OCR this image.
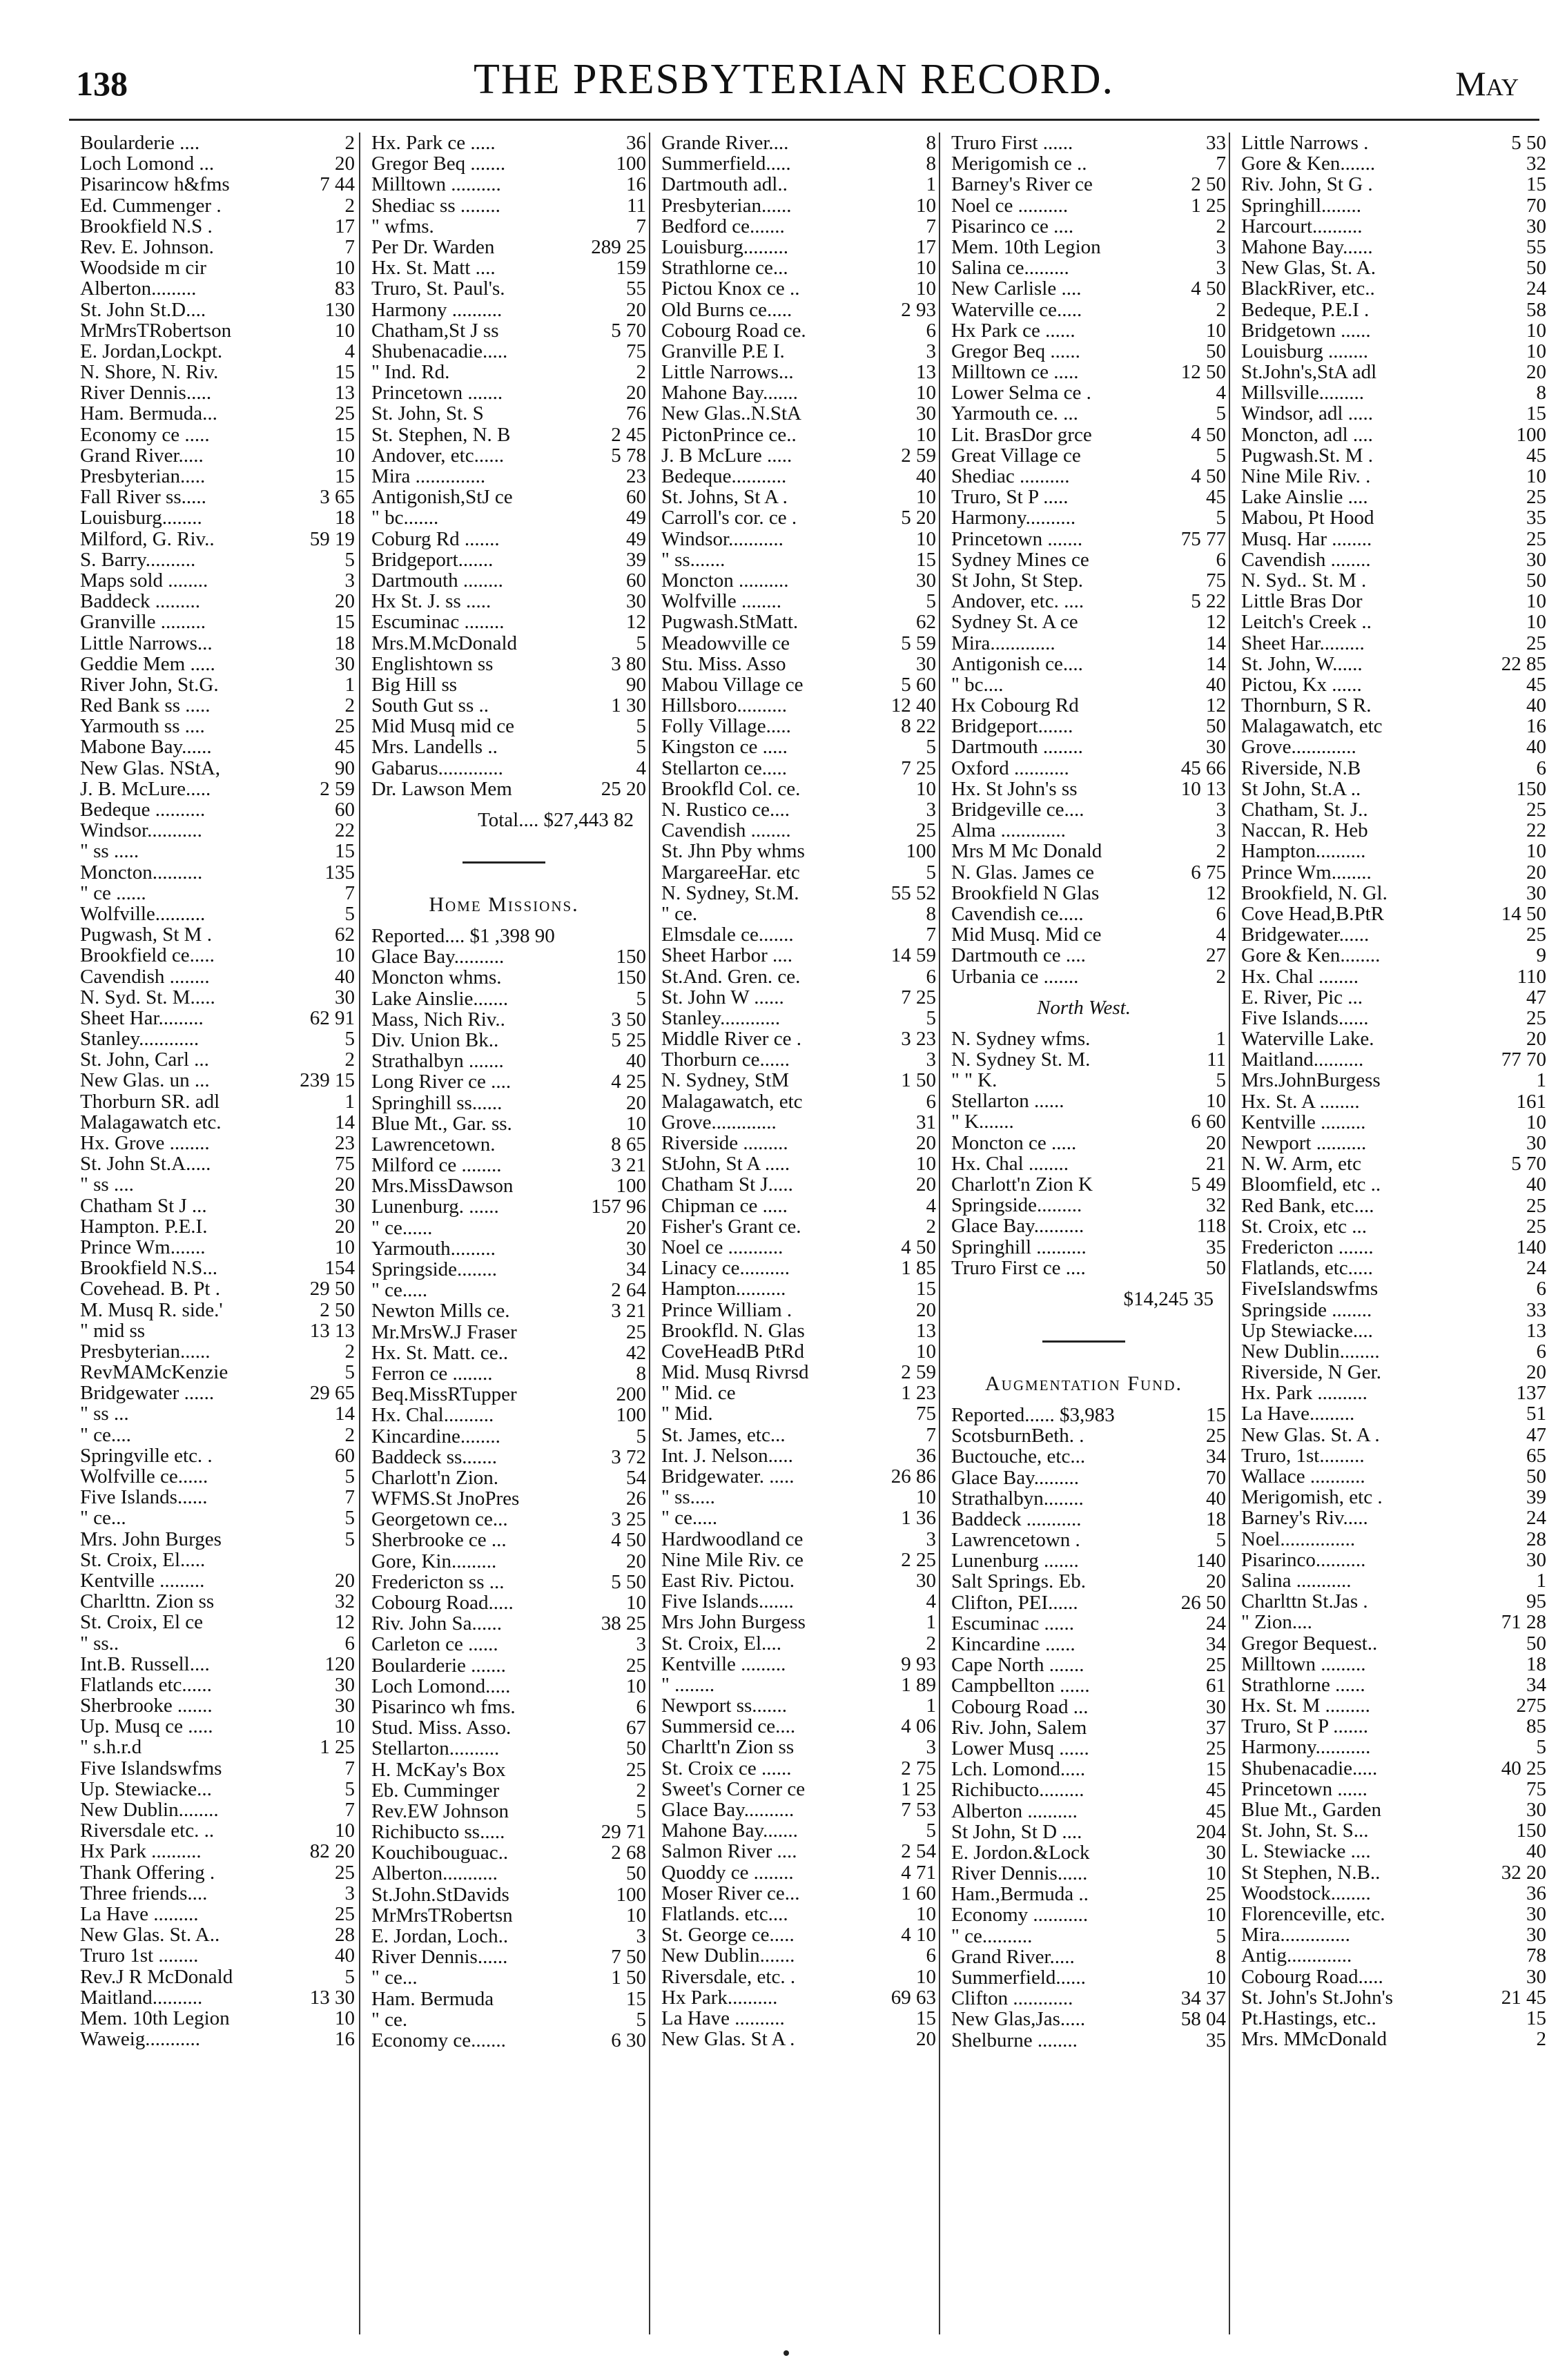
138	THE PRESBYTERIAN RECORD.	May
Boularderie ....	2
Loch Lomond ...	20
Pisarincow h&fms	7 44
Ed. Cummenger .	2
Brookfield N.S .	17
Rev. E. Johnson.	7
Woodside m cir	10
Alberton.........	83
St. John St.D....	130
MrMrsTRobertson	10
E. Jordan,Lockpt.	4
N. Shore, N. Riv.	15
River Dennis.....	13
Ham. Bermuda...	25
Economy ce .....	15
Grand River.....	10
Presbyterian.....	15
Fall River ss.....	3 65
Louisburg........	18
Milford, G. Riv..	59 19
S. Barry..........	5
Maps sold ........	3
Baddeck .........	20
Granville .........	15
Little Narrows...	18
Geddie Mem .....	30
River John, St.G.	1
Red Bank ss .....	2
Yarmouth ss ....	25
Mabone Bay......	45
New Glas. NStA,	90
J. B. McLure.....	2 59
Bedeque ..........	60
Windsor...........	22
" ss .....	15
Moncton..........	135
" ce ......	7
Wolfville..........	5
Pugwash, St M .	62
Brookfield ce.....	10
Cavendish ........	40
N. Syd. St. M.....	30
Sheet Har.........	62 91
Stanley............	5
St. John, Carl ...	2
New Glas. un ...	239 15
Thorburn SR. adl	1
Malagawatch etc.	14
Hx. Grove ........	23
St. John St.A.....	75
" ss ....	20
Chatham St J ...	30
Hampton. P.E.I.	20
Prince Wm.......	10
Brookfield N.S...	154
Covehead. B. Pt .	29 50
M. Musq R. side.'	2 50
" mid ss	13 13
Presbyterian......	2
RevMAMcKenzie	5
Bridgewater ......	29 65
" ss ...	14
" ce....	2
Springville etc. .	60
Wolfville ce......	5
Five Islands......	7
" ce...	5
Mrs. John Burges	5
St. Croix, El.....
Kentville .........	20
Charlttn. Zion ss	32
St. Croix, El ce	12
" ss..	6
Int.B. Russell....	120
Flatlands etc......	30
Sherbrooke .......	30
Up. Musq ce .....	10
" s.h.r.d	1 25
Five Islandswfms	7
Up. Stewiacke...	5
New Dublin........	7
Riversdale etc. ..	10
Hx Park ..........	82 20
Thank Offering .	25
Three friends....	3
La Have .........	25
New Glas. St. A..	28
Truro 1st ........	40
Rev.J R McDonald	5
Maitland..........	13 30
Mem. 10th Legion	10
Waweig...........	16
Hx. Park ce .....	36
Gregor Beq .......	100
Milltown ..........	16
Shediac ss ........	11
" wfms.	7
Per Dr. Warden	289 25
Hx. St. Matt ....	159
Truro, St. Paul's.	55
Harmony ..........	20
Chatham,St J ss	5 70
Shubenacadie.....	75
" Ind. Rd.	2
Princetown .......	20
St. John, St. S	76
St. Stephen, N. B	2 45
Andover, etc......	5 78
Mira ..............	23
Antigonish,StJ ce	60
" bc.......	49
Coburg Rd .......	49
Bridgeport.......	39
Dartmouth ........	60
Hx St. J. ss .....	30
Escuminac ........	12
Mrs.M.McDonald	5
Englishtown ss	3 80
Big Hill ss	90
South Gut ss ..	1 30
Mid Musq mid ce	5
Mrs. Landells ..	5
Gabarus.............	4
Dr. Lawson Mem	25 20
Total.... $27,443 82
Home Missions.
Reported.... $1 ,398 90
Glace Bay..........	150
Moncton whms.	150
Lake Ainslie.......	5
Mass, Nich Riv..	3 50
Div. Union Bk..	5 25
Strathalbyn .......	40
Long River ce ....	4 25
Springhill ss......	20
Blue Mt., Gar. ss.	10
Lawrencetown.	8 65
Milford ce ........	3 21
Mrs.MissDawson	100
Lunenburg. ......	157 96
" ce......	20
Yarmouth.........	30
Springside........	34
" ce.....	2 64
Newton Mills ce.	3 21
Mr.MrsW.J Fraser	25
Hx. St. Matt. ce..	42
Ferron ce ........	8
Beq.MissRTupper	200
Hx. Chal..........	100
Kincardine........	5
Baddeck ss.......	3 72
Charlott'n Zion.	54
WFMS.St JnoPres	26
Georgetown ce...	3 25
Sherbrooke ce ...	4 50
Gore, Kin.........	20
Fredericton ss ...	5 50
Cobourg Road.....	10
Riv. John Sa......	38 25
Carleton ce ......	3
Boularderie .......	25
Loch Lomond.....	10
Pisarinco wh fms.	6
Stud. Miss. Asso.	67
Stellarton..........	50
H. McKay's Box	25
Eb. Cumminger	2
Rev.EW Johnson	5
Richibucto ss.....	29 71
Kouchibouguac..	2 68
Alberton...........	50
St.John.StDavids	100
MrMrsTRobertsn	10
E. Jordan, Loch..	3
River Dennis......	7 50
" ce...	1 50
Ham. Bermuda	15
" ce.	5
Economy ce.......	6 30
Grande River....	8
Summerfield.....	8
Dartmouth adl..	1
Presbyterian......	10
Bedford ce.......	7
Louisburg.........	17
Strathlorne ce...	10
Pictou Knox ce ..	10
Old Burns ce.....	2 93
Cobourg Road ce.	6
Granville P.E I.	3
Little Narrows...	13
Mahone Bay.......	10
New Glas..N.StA	30
PictonPrince ce..	10
J. B McLure .....	2 59
Bedeque...........	40
St. Johns, St A .	10
Carroll's cor. ce .	5 20
Windsor...........	10
" ss.......	15
Moncton ..........	30
Wolfville ........	5
Pugwash.StMatt.	62
Meadowville ce	5 59
Stu. Miss. Asso	30
Mabou Village ce	5 60
Hillsboro..........	12 40
Folly Village.....	8 22
Kingston ce .....	5
Stellarton ce.....	7 25
Brookfld Col. ce.	10
N. Rustico ce....	3
Cavendish ........	25
St. Jhn Pby whms	100
MargareeHar. etc	5
N. Sydney, St.M.	55 52
" ce.	8
Elmsdale ce.......	7
Sheet Harbor ....	14 59
St.And. Gren. ce.	6
St. John W ......	7 25
Stanley............	5
Middle River ce .	3 23
Thorburn ce......	3
N. Sydney, StM	1 50
Malagawatch, etc	6
Grove.............	31
Riverside .........	20
StJohn, St A .....	10
Chatham St J.....	20
Chipman ce .....	4
Fisher's Grant ce.	2
Noel ce ...........	4 50
Linacy ce..........	1 85
Hampton..........	15
Prince William .	20
Brookfld. N. Glas	13
CoveHeadB PtRd	10
Mid. Musq Rivrsd	2 59
" Mid. ce	1 23
" Mid.	75
St. James, etc...	7
Int. J. Nelson.....	36
Bridgewater. .....	26 86
" ss.....	10
" ce.....	1 36
Hardwoodland ce	3
Nine Mile Riv. ce	2 25
East Riv. Pictou.	30
Five Islands.......	4
Mrs John Burgess	1
St. Croix, El....	2
Kentville .........	9 93
" ........	1 89
Newport ss.......	1
Summersid ce....	4 06
Charltt'n Zion ss	3
St. Croix ce ......	2 75
Sweet's Corner ce	1 25
Glace Bay..........	7 53
Mahone Bay.......	5
Salmon River ....	2 54
Quoddy ce ........	4 71
Moser River ce...	1 60
Flatlands. etc....	10
St. George ce.....	4 10
New Dublin.......	6
Riversdale, etc. .	10
Hx Park..........	69 63
La Have ..........	15
New Glas. St A .	20
Truro First ......	33
Merigomish ce ..	7
Barney's River ce	2 50
Noel ce ..........	1 25
Pisarinco ce ....	2
Mem. 10th Legion	3
Salina ce.........	3
New Carlisle ....	4 50
Waterville ce.....	2
Hx Park ce ......	10
Gregor Beq ......	50
Milltown ce .....	12 50
Lower Selma ce .	4
Yarmouth ce. ...	5
Lit. BrasDor grce	4 50
Great Village ce	5
Shediac ..........	4 50
Truro, St P .....	45
Harmony..........	5
Princetown .......	75 77
Sydney Mines ce	6
St John, St Step.	75
Andover, etc. ....	5 22
Sydney St. A ce	12
Mira.............	14
Antigonish ce....	14
" bc....	40
Hx Cobourg Rd	12
Bridgeport.......	50
Dartmouth ........	30
Oxford ...........	45 66
Hx. St John's ss	10 13
Bridgeville ce....	3
Alma .............	3
Mrs M Mc Donald	2
N. Glas. James ce	6 75
Brookfield N Glas	12
Cavendish ce.....	6
Mid Musq. Mid ce	4
Dartmouth ce ....	27
Urbania ce .......	2
North West.
N. Sydney wfms.	1
N. Sydney St. M.	11
" " K.	5
Stellarton ......	10
" K.......	6 60
Moncton ce .....	20
Hx. Chal ........	21
Charlott'n Zion K	5 49
Springside.........	32
Glace Bay..........	118
Springhill ..........	35
Truro First ce ....	50
$14,245 35
Augmentation Fund.
Reported...... $3,983	15
ScotsburnBeth. .	25
Buctouche, etc...	34
Glace Bay.........	70
Strathalbyn........	40
Baddeck ...........	18
Lawrencetown .	5
Lunenburg .......	140
Salt Springs. Eb.	20
Clifton, PEI......	26 50
Escuminac ......	24
Kincardine ......	34
Cape North .......	25
Campbellton ......	61
Cobourg Road ...	30
Riv. John, Salem	37
Lower Musq ......	25
Lch. Lomond.....	15
Richibucto.........	45
Alberton ..........	45
St John, St D ....	204
E. Jordon.&Lock	30
River Dennis......	10
Ham.,Bermuda ..	25
Economy ...........	10
" ce..........	5
Grand River.....	8
Summerfield......	10
Clifton ............	34 37
New Glas,Jas.....	58 04
Shelburne ........	35
Little Narrows .	5 50
Gore & Ken.......	32
Riv. John, St G .	15
Springhill........	70
Harcourt..........	30
Mahone Bay......	55
New Glas, St. A.	50
BlackRiver, etc..	24
Bedeque, P.E.I .	58
Bridgetown ......	10
Louisburg ........	10
St.John's,StA adl	20
Millsville.........	8
Windsor, adl .....	15
Moncton, adl ....	100
Pugwash.St. M .	45
Nine Mile Riv. .	10
Lake Ainslie ....	25
Mabou, Pt Hood	35
Musq. Har ........	25
Cavendish ........	30
N. Syd.. St. M .	50
Little Bras Dor	10
Leitch's Creek ..	10
Sheet Har.........	25
St. John, W......	22 85
Pictou, Kx ......	45
Thornburn, S R.	40
Malagawatch, etc	16
Grove.............	40
Riverside, N.B	6
St John, St.A ..	150
Chatham, St. J..	25
Naccan, R. Heb	22
Hampton..........	10
Prince Wm........	20
Brookfield, N. Gl.	30
Cove Head,B.PtR	14 50
Bridgewater......	25
Gore & Ken........	9
Hx. Chal ........	110
E. River, Pic ...	47
Five Islands......	25
Waterville Lake.	20
Maitland..........	77 70
Mrs.JohnBurgess	1
Hx. St. A ........	161
Kentville .........	10
Newport ..........	30
N. W. Arm, etc	5 70
Bloomfield, etc ..	40
Red Bank, etc....	25
St. Croix, etc ...	25
Fredericton .......	140
Flatlands, etc.....	24
FiveIslandswfms	6
Springside ........	33
Up Stewiacke....	13
New Dublin........	6
Riverside, N Ger.	20
Hx. Park ..........	137
La Have.........	51
New Glas. St. A .	47
Truro, 1st.........	65
Wallace ...........	50
Merigomish, etc .	39
Barney's Riv.....	24
Noel...............	28
Pisarinco..........	30
Salina ...........	1
Charlttn St.Jas .	95
" Zion....	71 28
Gregor Bequest..	50
Milltown .........	18
Strathlorne ......	34
Hx. St. M .........	275
Truro, St P .......	85
Harmony...........	5
Shubenacadie.....	40 25
Princetown ......	75
Blue Mt., Garden	30
St. John, St. S...	150
L. Stewiacke ....	40
St Stephen, N.B..	32 20
Woodstock........	36
Florenceville, etc.	30
Mira..............	30
Antig.............	78
Cobourg Road.....	30
St. John's St.John's	21 45
Pt.Hastings, etc..	15
Mrs. MMcDonald	2
